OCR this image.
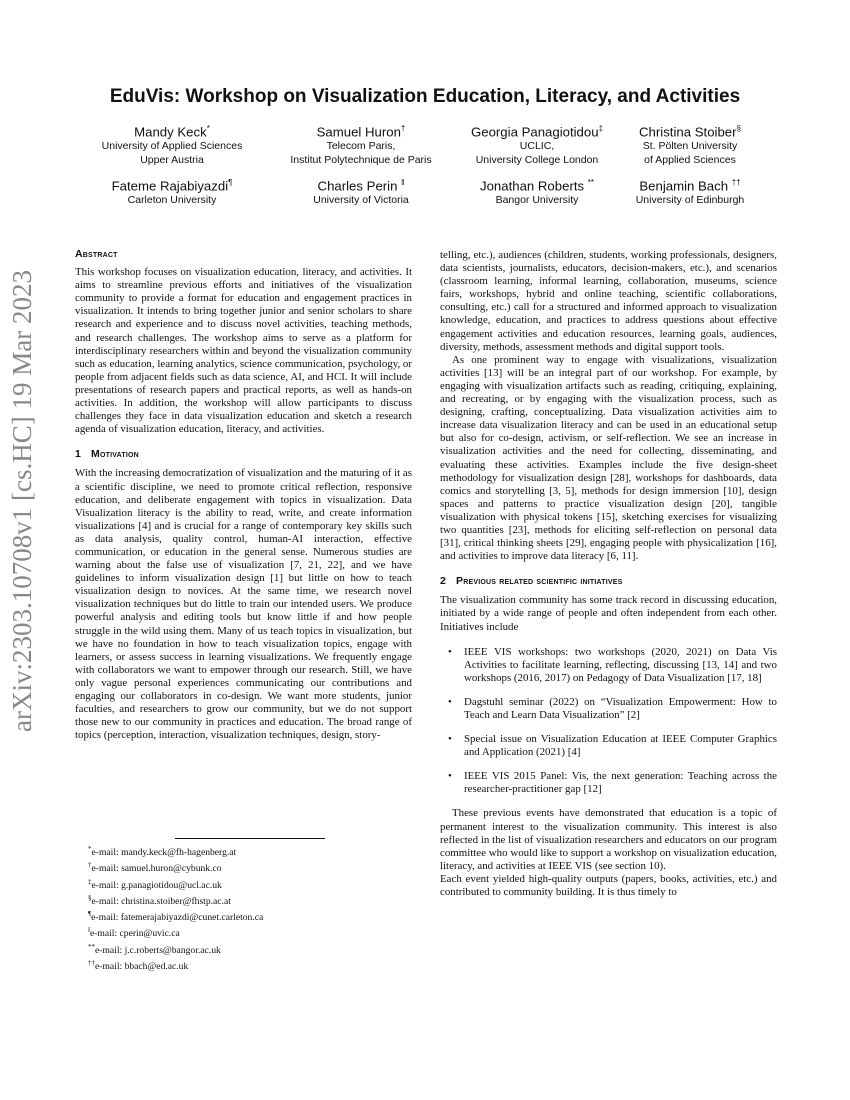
EduVis: Workshop on Visualization Education, Literacy, and Activities
Mandy Keck*
University of Applied Sciences
Upper Austria
Samuel Huron†
Telecom Paris,
Institut Polytechnique de Paris
Georgia Panagiotidou‡
UCLIC,
University College London
Christina Stoiber§
St. Pölten University
of Applied Sciences
Fateme Rajabiyazdi¶
Carleton University
Charles Perin ‖
University of Victoria
Jonathan Roberts **
Bangor University
Benjamin Bach ††
University of Edinburgh
arXiv:2303.10708v1 [cs.HC] 19 Mar 2023
Abstract

This workshop focuses on visualization education, literacy, and activities. It aims to streamline previous efforts and initiatives of the visualization community to provide a format for education and engagement practices in visualization. It intends to bring together junior and senior scholars to share research and experience and to discuss novel activities, teaching methods, and research challenges. The workshop aims to serve as a platform for interdisciplinary researchers within and beyond the visualization community such as education, learning analytics, science communication, psychology, or people from adjacent fields such as data science, AI, and HCI. It will include presentations of research papers and practical reports, as well as hands-on activities. In addition, the workshop will allow participants to discuss challenges they face in data visualization education and sketch a research agenda of visualization education, literacy, and activities.

1 Motivation

With the increasing democratization of visualization and the maturing of it as a scientific discipline, we need to promote critical reflection, responsive education, and deliberate engagement with topics in visualization. Data Visualization literacy is the ability to read, write, and create information visualizations [4] and is crucial for a range of contemporary key skills such as data analysis, quality control, human-AI interaction, effective communication, or education in the general sense. Numerous studies are warning about the false use of visualization [7, 21, 22], and we have guidelines to inform visualization design [1] but little on how to teach visualization design to novices. At the same time, we research novel visualization techniques but do little to train our intended users. We produce powerful analysis and editing tools but know little if and how people struggle in the wild using them. Many of us teach topics in visualization, but we have no foundation in how to teach visualization topics, engage with learners, or assess success in learning visualizations. We frequently engage with collaborators we want to empower through our research. Still, we have only vague personal experiences communicating our contributions and engaging our collaborators in co-design. We want more students, junior faculties, and researchers to grow our community, but we do not support those new to our community in practices and education. The broad range of topics (perception, interaction, visualization techniques, design, story-

*e-mail: mandy.keck@fh-hagenberg.at
†e-mail: samuel.huron@cybunk.co
‡e-mail: g.panagiotidou@ucl.ac.uk
§e-mail: christina.stoiber@fhstp.ac.at
¶e-mail: fatemerajabiyazdi@cunet.carleton.ca
‖e-mail: cperin@uvic.ca
**e-mail: j.c.roberts@bangor.ac.uk
††e-mail: bbach@ed.ac.uk

telling, etc.), audiences (children, students, working professionals, designers, data scientists, journalists, educators, decision-makers, etc.), and scenarios (classroom learning, informal learning, collaboration, museums, science fairs, workshops, hybrid and online teaching, scientific collaborations, consulting, etc.) call for a structured and informed approach to visualization knowledge, education, and practices to address questions about effective engagement activities and education resources, learning goals, audiences, diversity, methods, assessment methods and digital support tools.

As one prominent way to engage with visualizations, visualization activities [13] will be an integral part of our workshop. For example, by engaging with visualization artifacts such as reading, critiquing, explaining, and recreating, or by engaging with the visualization process, such as designing, crafting, conceptualizing. Data visualization activities aim to increase data visualization literacy and can be used in an educational setup but also for co-design, activism, or self-reflection. We see an increase in visualization activities and the need for collecting, disseminating, and evaluating these activities. Examples include the five design-sheet methodology for visualization design [28], workshops for dashboards, data comics and storytelling [3, 5], methods for design immersion [10], design spaces and patterns to practice visualization design [20], tangible visualization with physical tokens [15], sketching exercises for visualizing two quantities [23], methods for eliciting self-reflection on personal data [31], critical thinking sheets [29], engaging people with physicalization [16], and activities to improve data literacy [6, 11].

2 Previous related scientific initiatives

The visualization community has some track record in discussing education, initiated by a wide range of people and often independent from each other. Initiatives include

• IEEE VIS workshops: two workshops (2020, 2021) on Data Vis Activities to facilitate learning, reflecting, discussing [13, 14] and two workshops (2016, 2017) on Pedagogy of Data Visualization [17, 18]
• Dagstuhl seminar (2022) on “Visualization Empowerment: How to Teach and Learn Data Visualization” [2]
• Special issue on Visualization Education at IEEE Computer Graphics and Application (2021) [4]
• IEEE VIS 2015 Panel: Vis, the next generation: Teaching across the researcher-practitioner gap [12]

These previous events have demonstrated that education is a topic of permanent interest to the visualization community. This interest is also reflected in the list of visualization researchers and educators on our program committee who would like to support a workshop on visualization education, literacy, and activities at IEEE VIS (see section 10).

Each event yielded high-quality outputs (papers, books, activities, etc.) and contributed to community building. It is thus timely to
